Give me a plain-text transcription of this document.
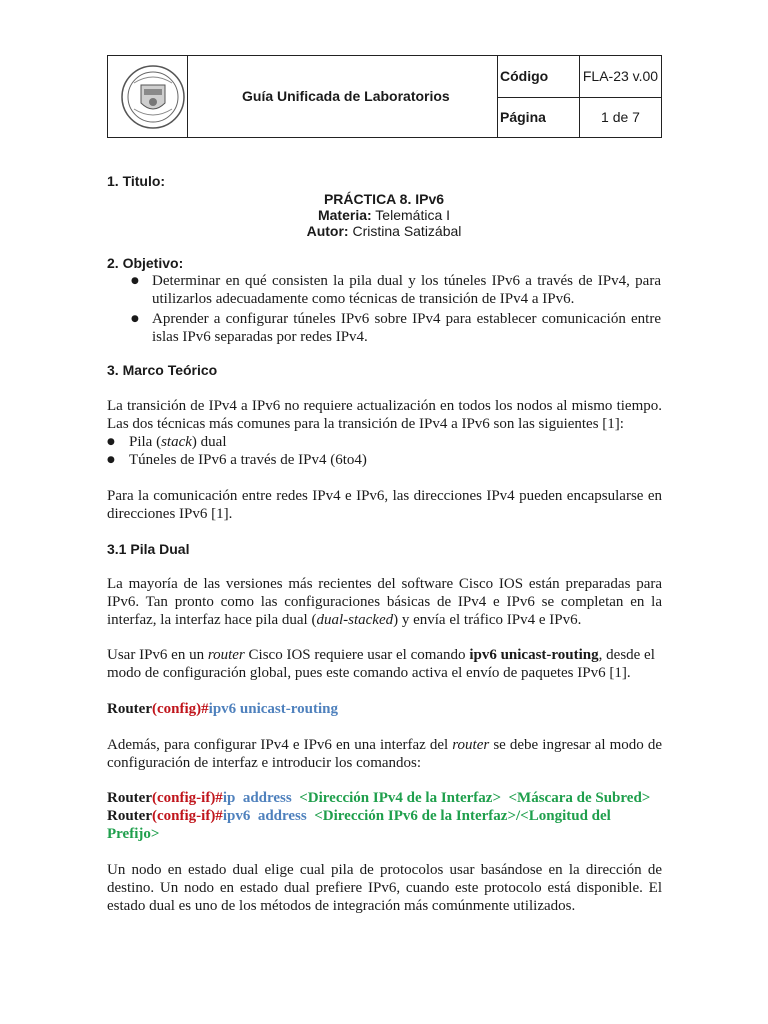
Guía Unificada de Laboratorios
Código FLA-23 v.00
Página	1 de 7
1. Titulo:
PRÁCTICA 8. IPv6
Materia: Telemática I
Autor: Cristina Satizábal
2. Objetivo:
● Determinar en qué consisten la pila dual y los túneles IPv6 a través de IPv4, para
utilizarlos adecuadamente como técnicas de transición de IPv4 a IPv6.
● Aprender a configurar túneles IPv6 sobre IPv4 para establecer comunicación entre
islas IPv6 separadas por redes IPv4.
3. Marco Teórico
La transición de IPv4 a IPv6 no requiere actualización en todos los nodos al mismo tiempo.
Las dos técnicas más comunes para la transición de IPv4 a IPv6 son las siguientes [1]:
● Pila (stack) dual
● Túneles de IPv6 a través de IPv4 (6to4)
Para la comunicación entre redes IPv4 e IPv6, las direcciones IPv4 pueden encapsularse en
direcciones IPv6 [1].
3.1 Pila Dual
La mayoría de las versiones más recientes del software Cisco IOS están preparadas para
IPv6. Tan pronto como las configuraciones básicas de IPv4 e IPv6 se completan en la
interfaz, la interfaz hace pila dual (dual-stacked) y envía el tráfico IPv4 e IPv6.
Usar IPv6 en un router Cisco IOS requiere usar el comando ipv6 unicast-routing, desde el
modo de configuración global, pues este comando activa el envío de paquetes IPv6 [1].
Router(config)#ipv6 unicast-routing
Además, para configurar IPv4 e IPv6 en una interfaz del router se debe ingresar al modo de
configuración de interfaz e introducir los comandos:
Router(config-if)#ip  address  <Dirección IPv4 de la Interfaz>  <Máscara de Subred>
Router(config-if)#ipv6  address  <Dirección IPv6 de la Interfaz>/<Longitud del
Prefijo>
Un nodo en estado dual elige cual pila de protocolos usar basándose en la dirección de
destino. Un nodo en estado dual prefiere IPv6, cuando este protocolo está disponible. El
estado dual es uno de los métodos de integración más comúnmente utilizados.
